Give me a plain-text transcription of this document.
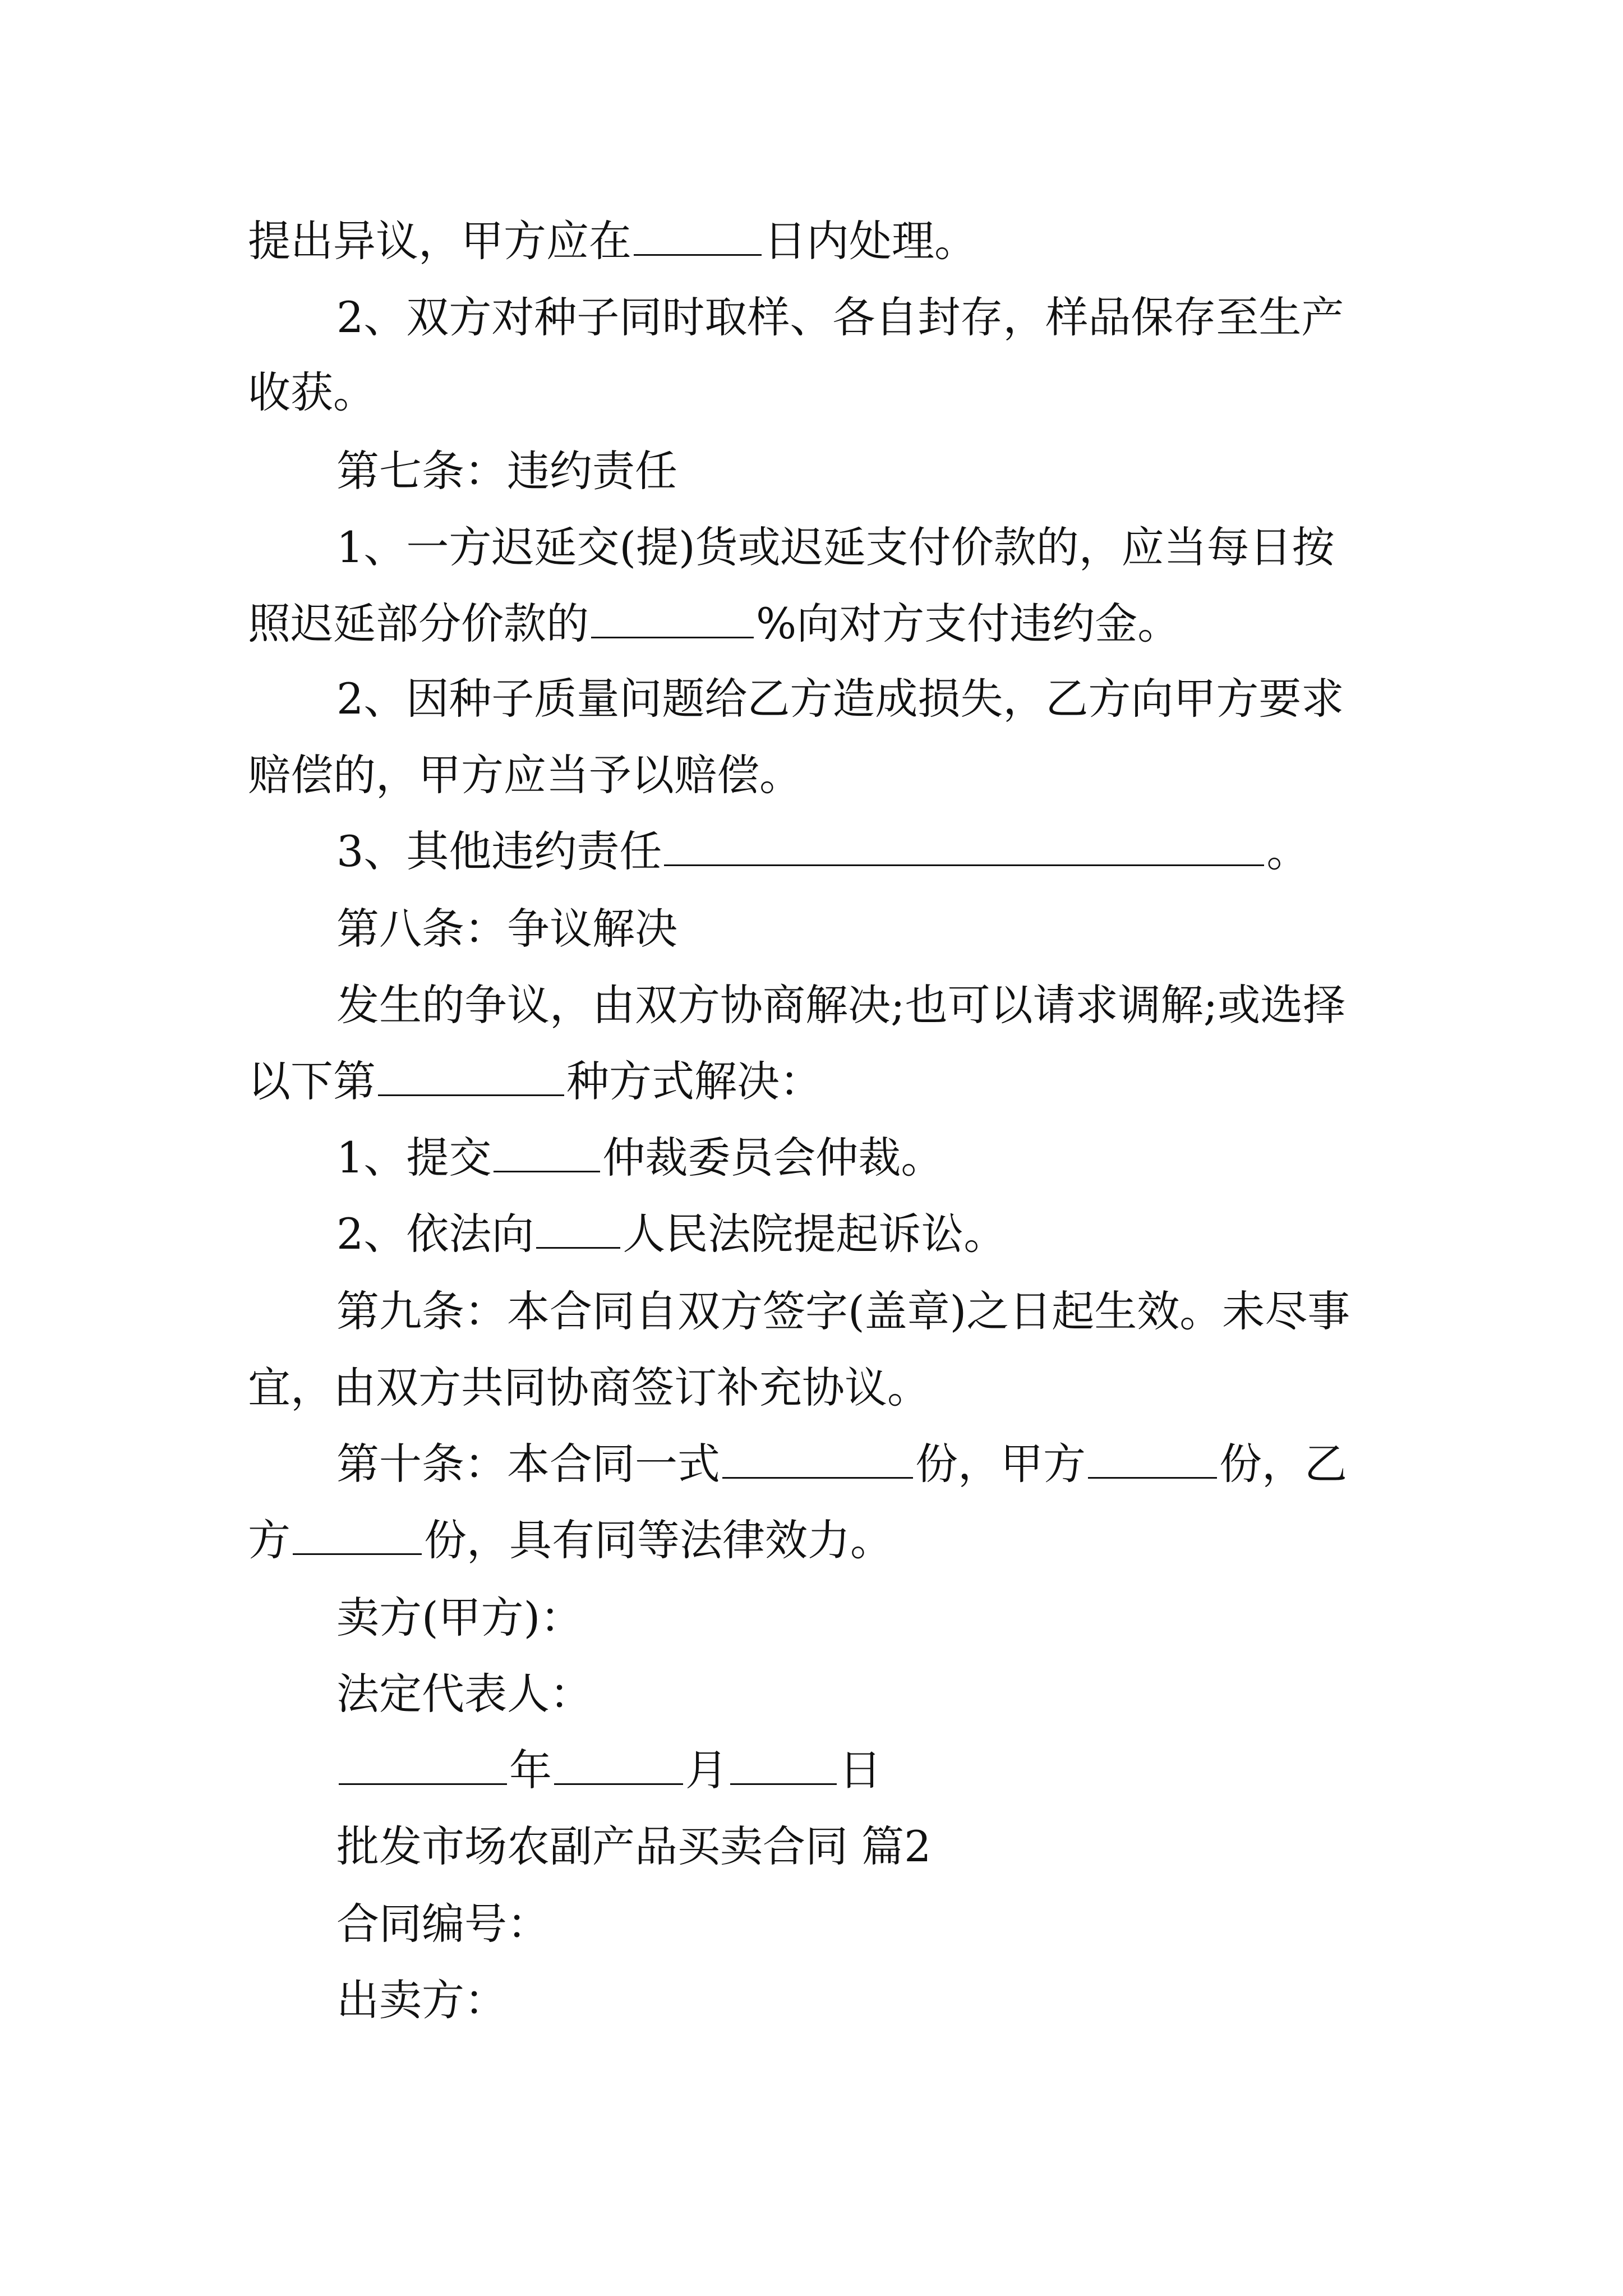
提出异议，甲方应在	日内处理。

2、双方对种子同时取样、各自封存，样品保存至生产

收获。

第七条：违约责任

1、一方迟延交(提)货或迟延支付价款的，应当每日按

照迟延部分价款的	%向对方支付违约金。

2、因种子质量问题给乙方造成损失，乙方向甲方要求

赔偿的，甲方应当予以赔偿。

3、其他违约责任	。

第八条：争议解决

发生的争议，由双方协商解决;也可以请求调解;或选择

以下第	种方式解决：

1、提交	仲裁委员会仲裁。

2、依法向 人民法院提起诉讼。

第九条：本合同自双方签字(盖章)之日起生效。未尽事

宜，由双方共同协商签订补充协议。

第十条：本合同一式	份，甲方	份，乙

方	份，具有同等法律效力。

卖方(甲方)：

法定代表人：

年	月	日

批发市场农副产品买卖合同 篇2

合同编号：

出卖方：
